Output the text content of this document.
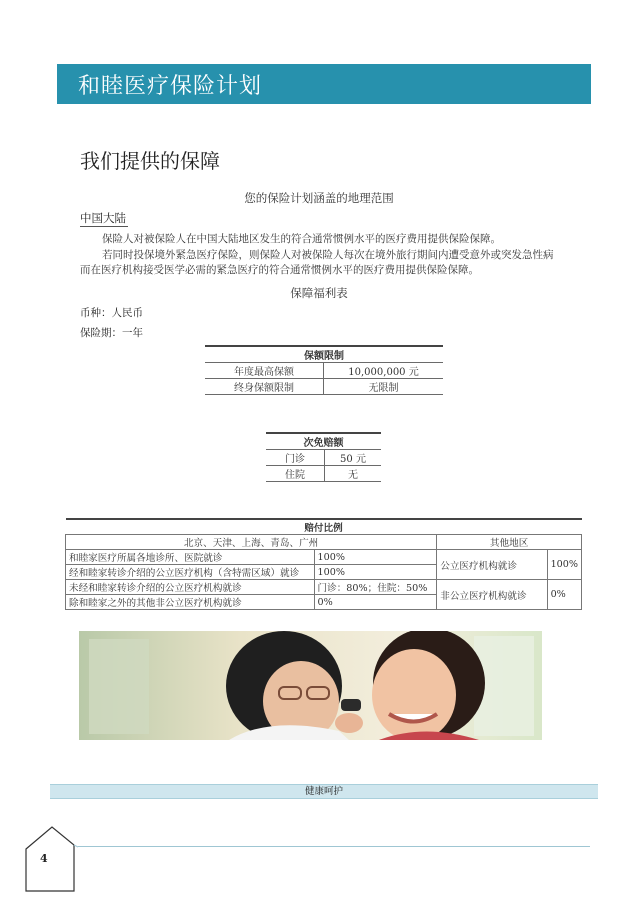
和睦医疗保险计划
我们提供的保障
您的保险计划涵盖的地理范围
中国大陆
保险人对被保险人在中国大陆地区发生的符合通常惯例水平的医疗费用提供保险保障。
若同时投保境外紧急医疗保险，则保险人对被保险人每次在境外旅行期间内遭受意外或突发急性病
而在医疗机构接受医学必需的紧急医疗的符合通常惯例水平的医疗费用提供保险保障。
保障福利表
币种：人民币
保险期：一年
保额限制	
年度最高保额	10,000,000 元
终身保额限制	无限制
次免赔额	
门诊	50 元
住院	无
赔付比例			
北京、天津、上海、青岛、广州		其他地区	
和睦家医疗所属各地诊所、医院就诊	100%	公立医疗机构就诊	100%
经和睦家转诊介绍的公立医疗机构（含特需区域）就诊	100%		
未经和睦家转诊介绍的公立医疗机构就诊	门诊：80%；住院：50%	非公立医疗机构就诊	0%
除和睦家之外的其他非公立医疗机构就诊	0%		
健康呵护
4
